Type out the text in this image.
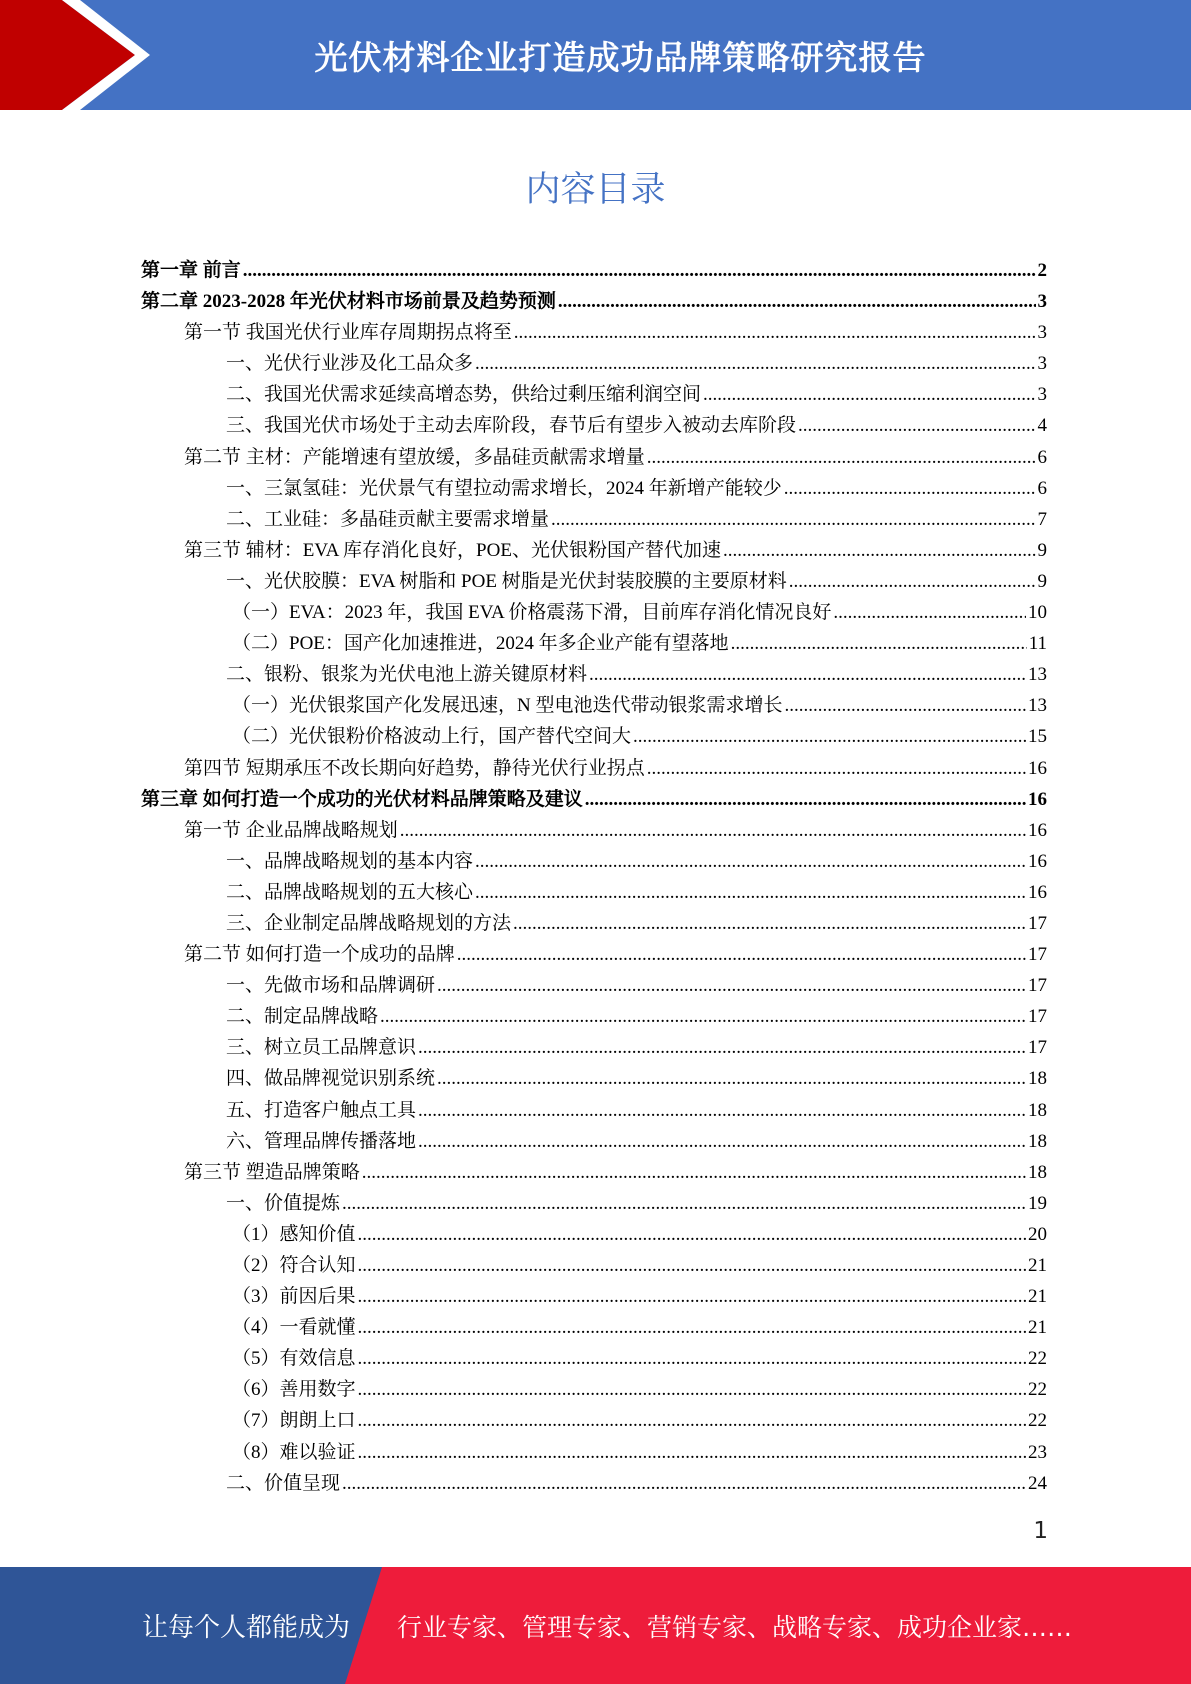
光伏材料企业打造成功品牌策略研究报告
内容目录
第一章 前言 .....	2
第二章 2023-2028 年光伏材料市场前景及趋势预测 .....	3
第一节 我国光伏行业库存周期拐点将至 .....	3
一、光伏行业涉及化工品众多 .....	3
二、我国光伏需求延续高增态势，供给过剩压缩利润空间 .....	3
三、我国光伏市场处于主动去库阶段，春节后有望步入被动去库阶段 .....	4
第二节 主材：产能增速有望放缓，多晶硅贡献需求增量 .....	6
一、三氯氢硅：光伏景气有望拉动需求增长，2024 年新增产能较少 .....	6
二、工业硅：多晶硅贡献主要需求增量 .....	7
第三节 辅材：EVA 库存消化良好，POE、光伏银粉国产替代加速 .....	9
一、光伏胶膜：EVA 树脂和 POE 树脂是光伏封装胶膜的主要原材料 .....	9
（一）EVA：2023 年，我国 EVA 价格震荡下滑，目前库存消化情况良好 .....	10
（二）POE：国产化加速推进，2024 年多企业产能有望落地 .....	11
二、银粉、银浆为光伏电池上游关键原材料 .....	13
（一）光伏银浆国产化发展迅速，N 型电池迭代带动银浆需求增长 .....	13
（二）光伏银粉价格波动上行，国产替代空间大 .....	15
第四节 短期承压不改长期向好趋势，静待光伏行业拐点 .....	16
第三章 如何打造一个成功的光伏材料品牌策略及建议 .....	16
第一节 企业品牌战略规划 .....	16
一、品牌战略规划的基本内容 .....	16
二、品牌战略规划的五大核心 .....	16
三、企业制定品牌战略规划的方法 .....	17
第二节 如何打造一个成功的品牌 .....	17
一、先做市场和品牌调研 .....	17
二、制定品牌战略 .....	17
三、树立员工品牌意识 .....	17
四、做品牌视觉识别系统 .....	18
五、打造客户触点工具 .....	18
六、管理品牌传播落地 .....	18
第三节 塑造品牌策略 .....	18
一、价值提炼 .....	19
（1）感知价值 .....	20
（2）符合认知 .....	21
（3）前因后果 .....	21
（4）一看就懂 .....	21
（5）有效信息 .....	22
（6）善用数字 .....	22
（7）朗朗上口 .....	22
（8）难以验证 .....	23
二、价值呈现 .....	24
1
让每个人都能成为 行业专家、管理专家、营销专家、战略专家、成功企业家……
